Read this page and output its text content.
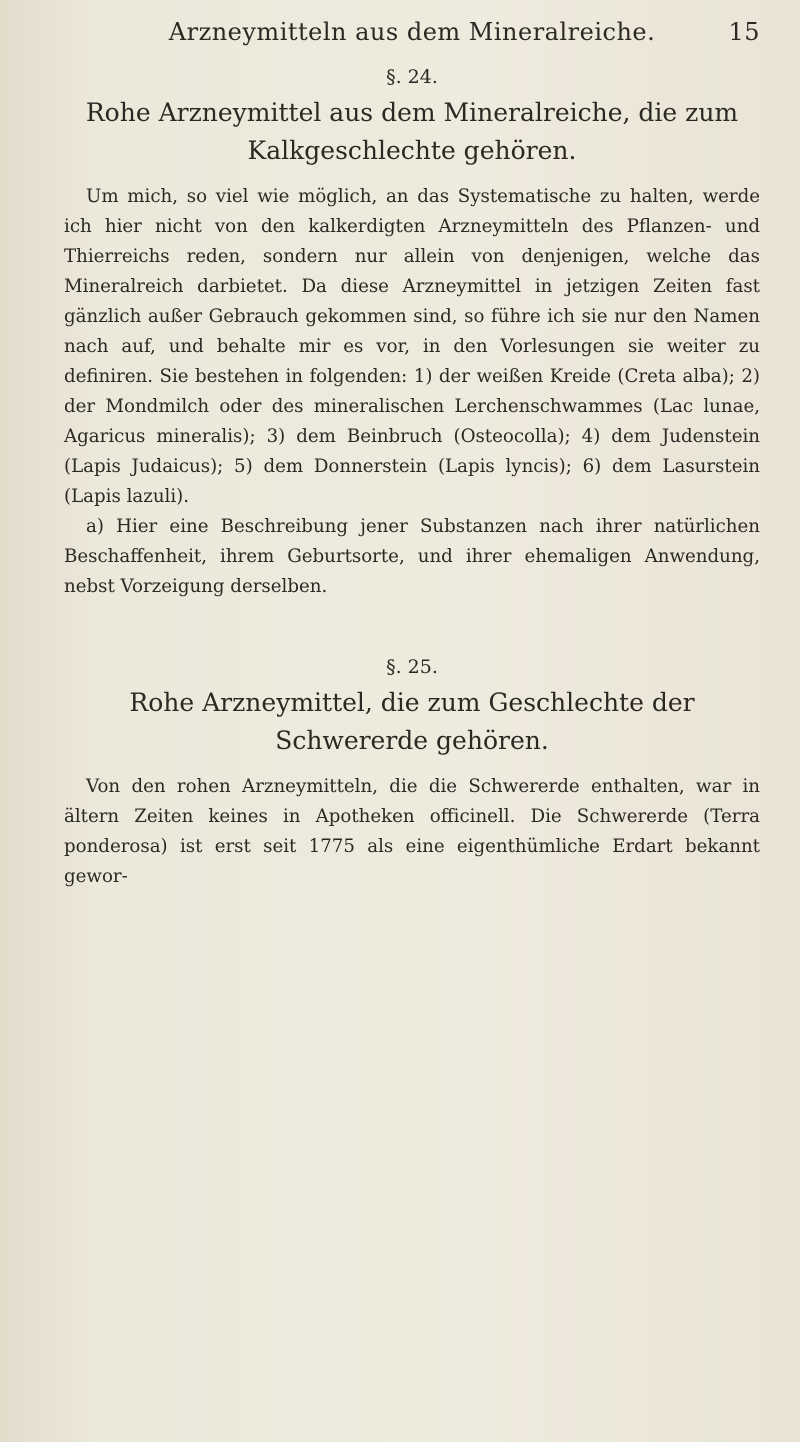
Arzneymitteln aus dem Mineralreiche.	15
§. 24.
Rohe Arzneymittel aus dem Mineralreiche, die zum
Kalkgeschlechte gehören.

Um mich, so viel wie möglich, an das Systematische zu halten, werde ich hier nicht von den kalkerdigten Arzneymitteln des Pflanzen- und Thierreichs reden, sondern nur allein von denjenigen, welche das Mineralreich darbietet. Da diese Arzneymittel in jetzigen Zeiten fast gänzlich außer Gebrauch gekommen sind, so führe ich sie nur den Namen nach auf, und behalte mir es vor, in den Vorlesungen sie weiter zu definiren. Sie bestehen in folgenden: 1) der weißen Kreide (Creta alba); 2) der Mondmilch oder des mineralischen Lerchenschwammes (Lac lunae, Agaricus mineralis); 3) dem Beinbruch (Osteocolla); 4) dem Judenstein (Lapis Judaicus); 5) dem Donnerstein (Lapis lyncis); 6) dem Lasurstein (Lapis lazuli).

a) Hier eine Beschreibung jener Substanzen nach ihrer natürlichen Beschaffenheit, ihrem Geburtsorte, und ihrer ehemaligen Anwendung, nebst Vorzeigung derselben.

§. 25.
Rohe Arzneymittel, die zum Geschlechte der
Schwererde gehören.

Von den rohen Arzneymitteln, die die Schwererde enthalten, war in ältern Zeiten keines in Apotheken officinell. Die Schwererde (Terra ponderosa) ist erst seit 1775 als eine eigenthümliche Erdart bekannt gewor-
